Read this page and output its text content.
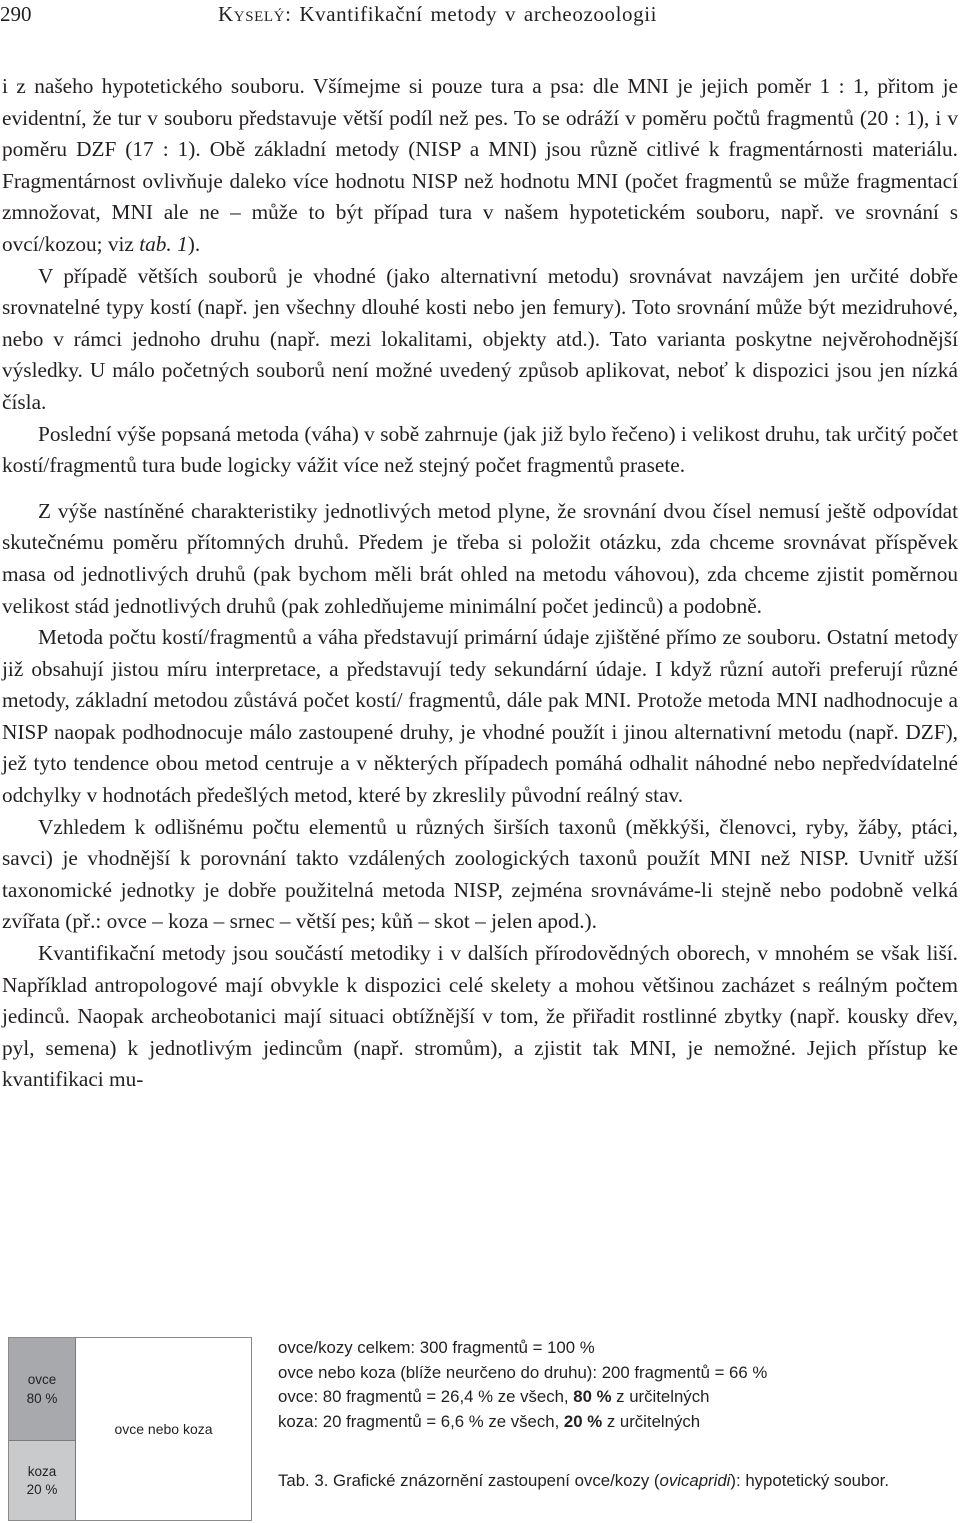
290	Kyselý: Kvantifikační metody v archeozoologii

i z našeho hypotetického souboru. Všímejme si pouze tura a psa: dle MNI je jejich poměr 1 : 1, přitom je evidentní, že tur v souboru představuje větší podíl než pes. To se odráží v poměru počtů fragmentů (20 : 1), i v poměru DZF (17 : 1). Obě základní metody (NISP a MNI) jsou různě citlivé k fragmentárnosti materiálu. Fragmentárnost ovlivňuje daleko více hodnotu NISP než hodnotu MNI (počet fragmentů se může fragmentací zmnožovat, MNI ale ne – může to být případ tura v našem hypotetickém souboru, např. ve srovnání s ovcí/kozou; viz tab. 1).

V případě větších souborů je vhodné (jako alternativní metodu) srovnávat navzájem jen určité dobře srovnatelné typy kostí (např. jen všechny dlouhé kosti nebo jen femury). Toto srovnání může být mezidruhové, nebo v rámci jednoho druhu (např. mezi lokalitami, objekty atd.). Tato varianta poskytne nejvěrohodnější výsledky. U málo početných souborů není možné uvedený způsob aplikovat, neboť k dispozici jsou jen nízká čísla.

Poslední výše popsaná metoda (váha) v sobě zahrnuje (jak již bylo řečeno) i velikost druhu, tak určitý počet kostí/fragmentů tura bude logicky vážit více než stejný počet fragmentů prasete.

Z výše nastíněné charakteristiky jednotlivých metod plyne, že srovnání dvou čísel nemusí ještě odpovídat skutečnému poměru přítomných druhů. Předem je třeba si položit otázku, zda chceme srovnávat příspěvek masa od jednotlivých druhů (pak bychom měli brát ohled na metodu váhovou), zda chceme zjistit poměrnou velikost stád jednotlivých druhů (pak zohledňujeme minimální počet jedinců) a podobně.

Metoda počtu kostí/fragmentů a váha představují primární údaje zjištěné přímo ze souboru. Ostatní metody již obsahují jistou míru interpretace, a představují tedy sekundární údaje. I když různí autoři preferují různé metody, základní metodou zůstává počet kostí/ fragmentů, dále pak MNI. Protože metoda MNI nadhodnocuje a NISP naopak podhodnocuje málo zastoupené druhy, je vhodné použít i jinou alternativní metodu (např. DZF), jež tyto tendence obou metod centruje a v některých případech pomáhá odhalit náhodné nebo nepředvídatelné odchylky v hodnotách předešlých metod, které by zkreslily původní reálný stav.

Vzhledem k odlišnému počtu elementů u různých širších taxonů (měkkýši, členovci, ryby, žáby, ptáci, savci) je vhodnější k porovnání takto vzdálených zoologických taxonů použít MNI než NISP. Uvnitř užší taxonomické jednotky je dobře použitelná metoda NISP, zejména srovnáváme-li stejně nebo podobně velká zvířata (př.: ovce – koza – srnec – větší pes; kůň – skot – jelen apod.).

Kvantifikační metody jsou součástí metodiky i v dalších přírodovědných oborech, v mnohém se však liší. Například antropologové mají obvykle k dispozici celé skelety a mohou většinou zacházet s reálným počtem jedinců. Naopak archeobotanici mají situaci obtížnější v tom, že přiřadit rostlinné zbytky (např. kousky dřev, pyl, semena) k jednotlivým jedincům (např. stromům), a zjistit tak MNI, je nemožné. Jejich přístup ke kvantifikaci mu-

ovce
80 %
koza
20 %
ovce nebo koza
ovce/kozy celkem: 300 fragmentů = 100 %
ovce nebo koza (blíže neurčeno do druhu): 200 fragmentů = 66 %
ovce: 80 fragmentů = 26,4 % ze všech, 80 % z určitelných
koza: 20 fragmentů = 6,6 % ze všech, 20 % z určitelných
Tab. 3. Grafické znázornění zastoupení ovce/kozy (ovicapridi): hypotetický soubor.
